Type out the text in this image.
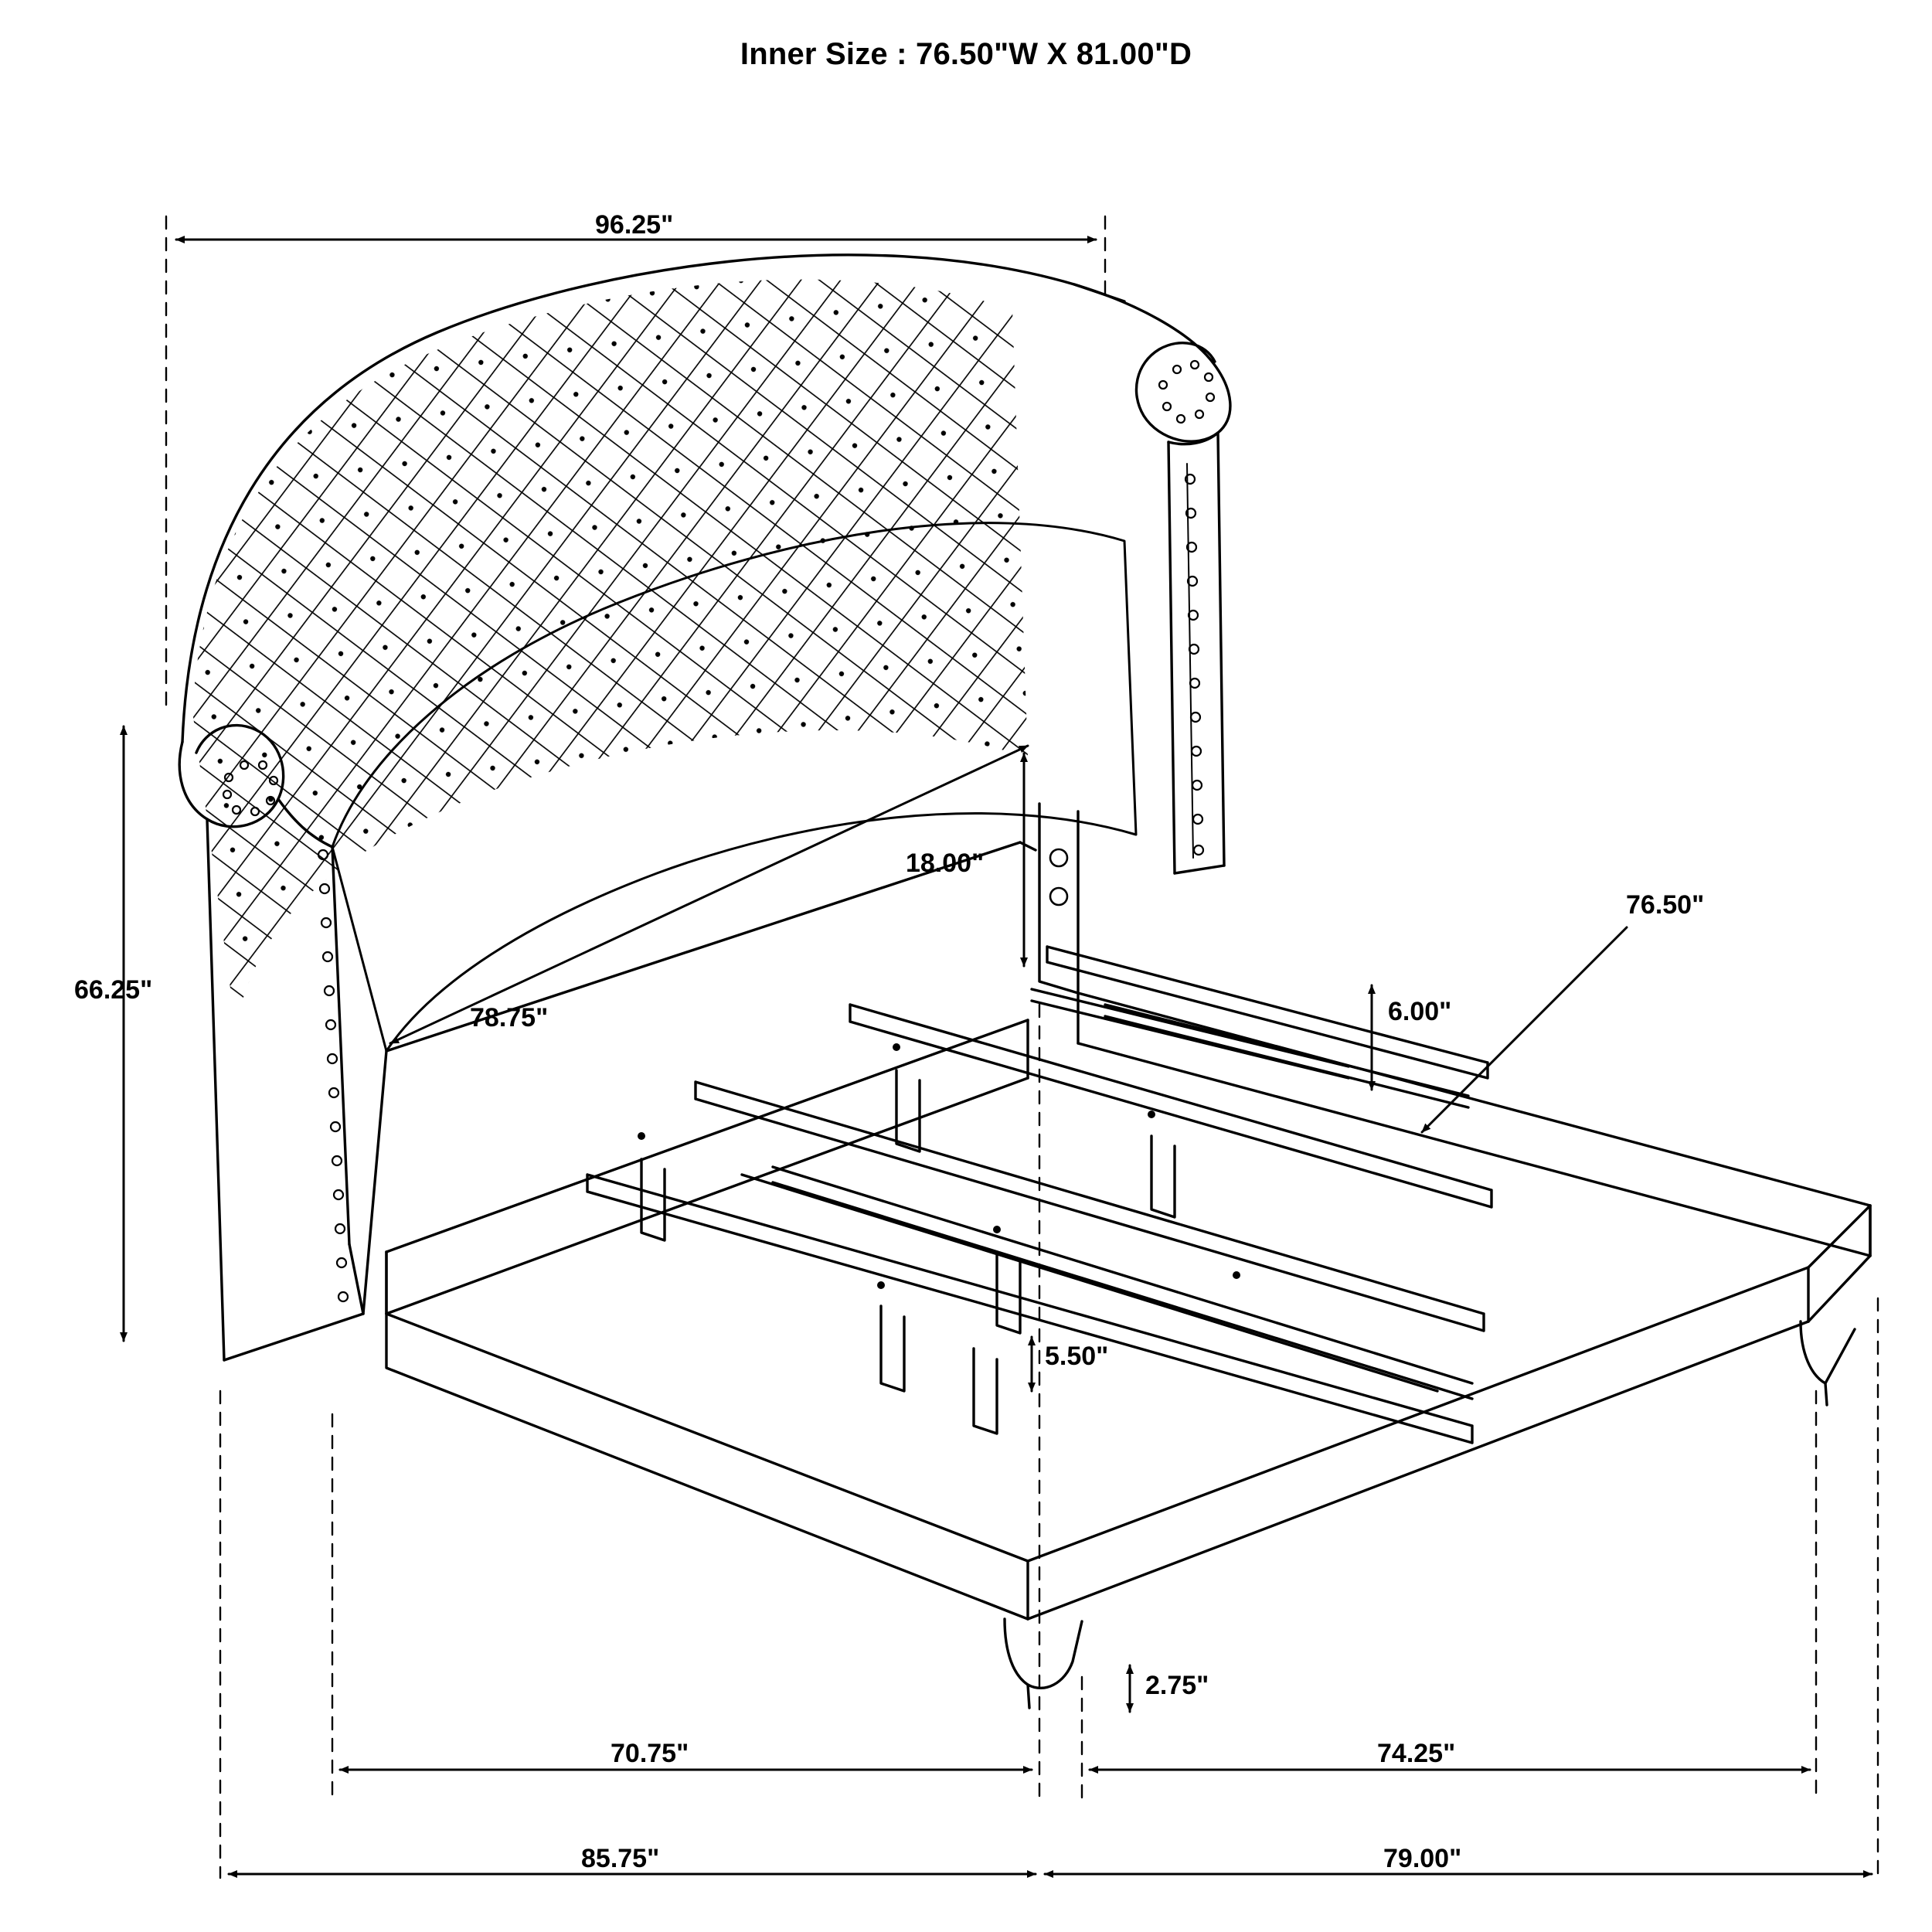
Inner Size : 76.50"W X 81.00"D
96.25"
66.25"
18.00"
78.75"	6.00"
5.50"
76.50"
2.75"
70.75"	74.25"
85.75"	79.00"
